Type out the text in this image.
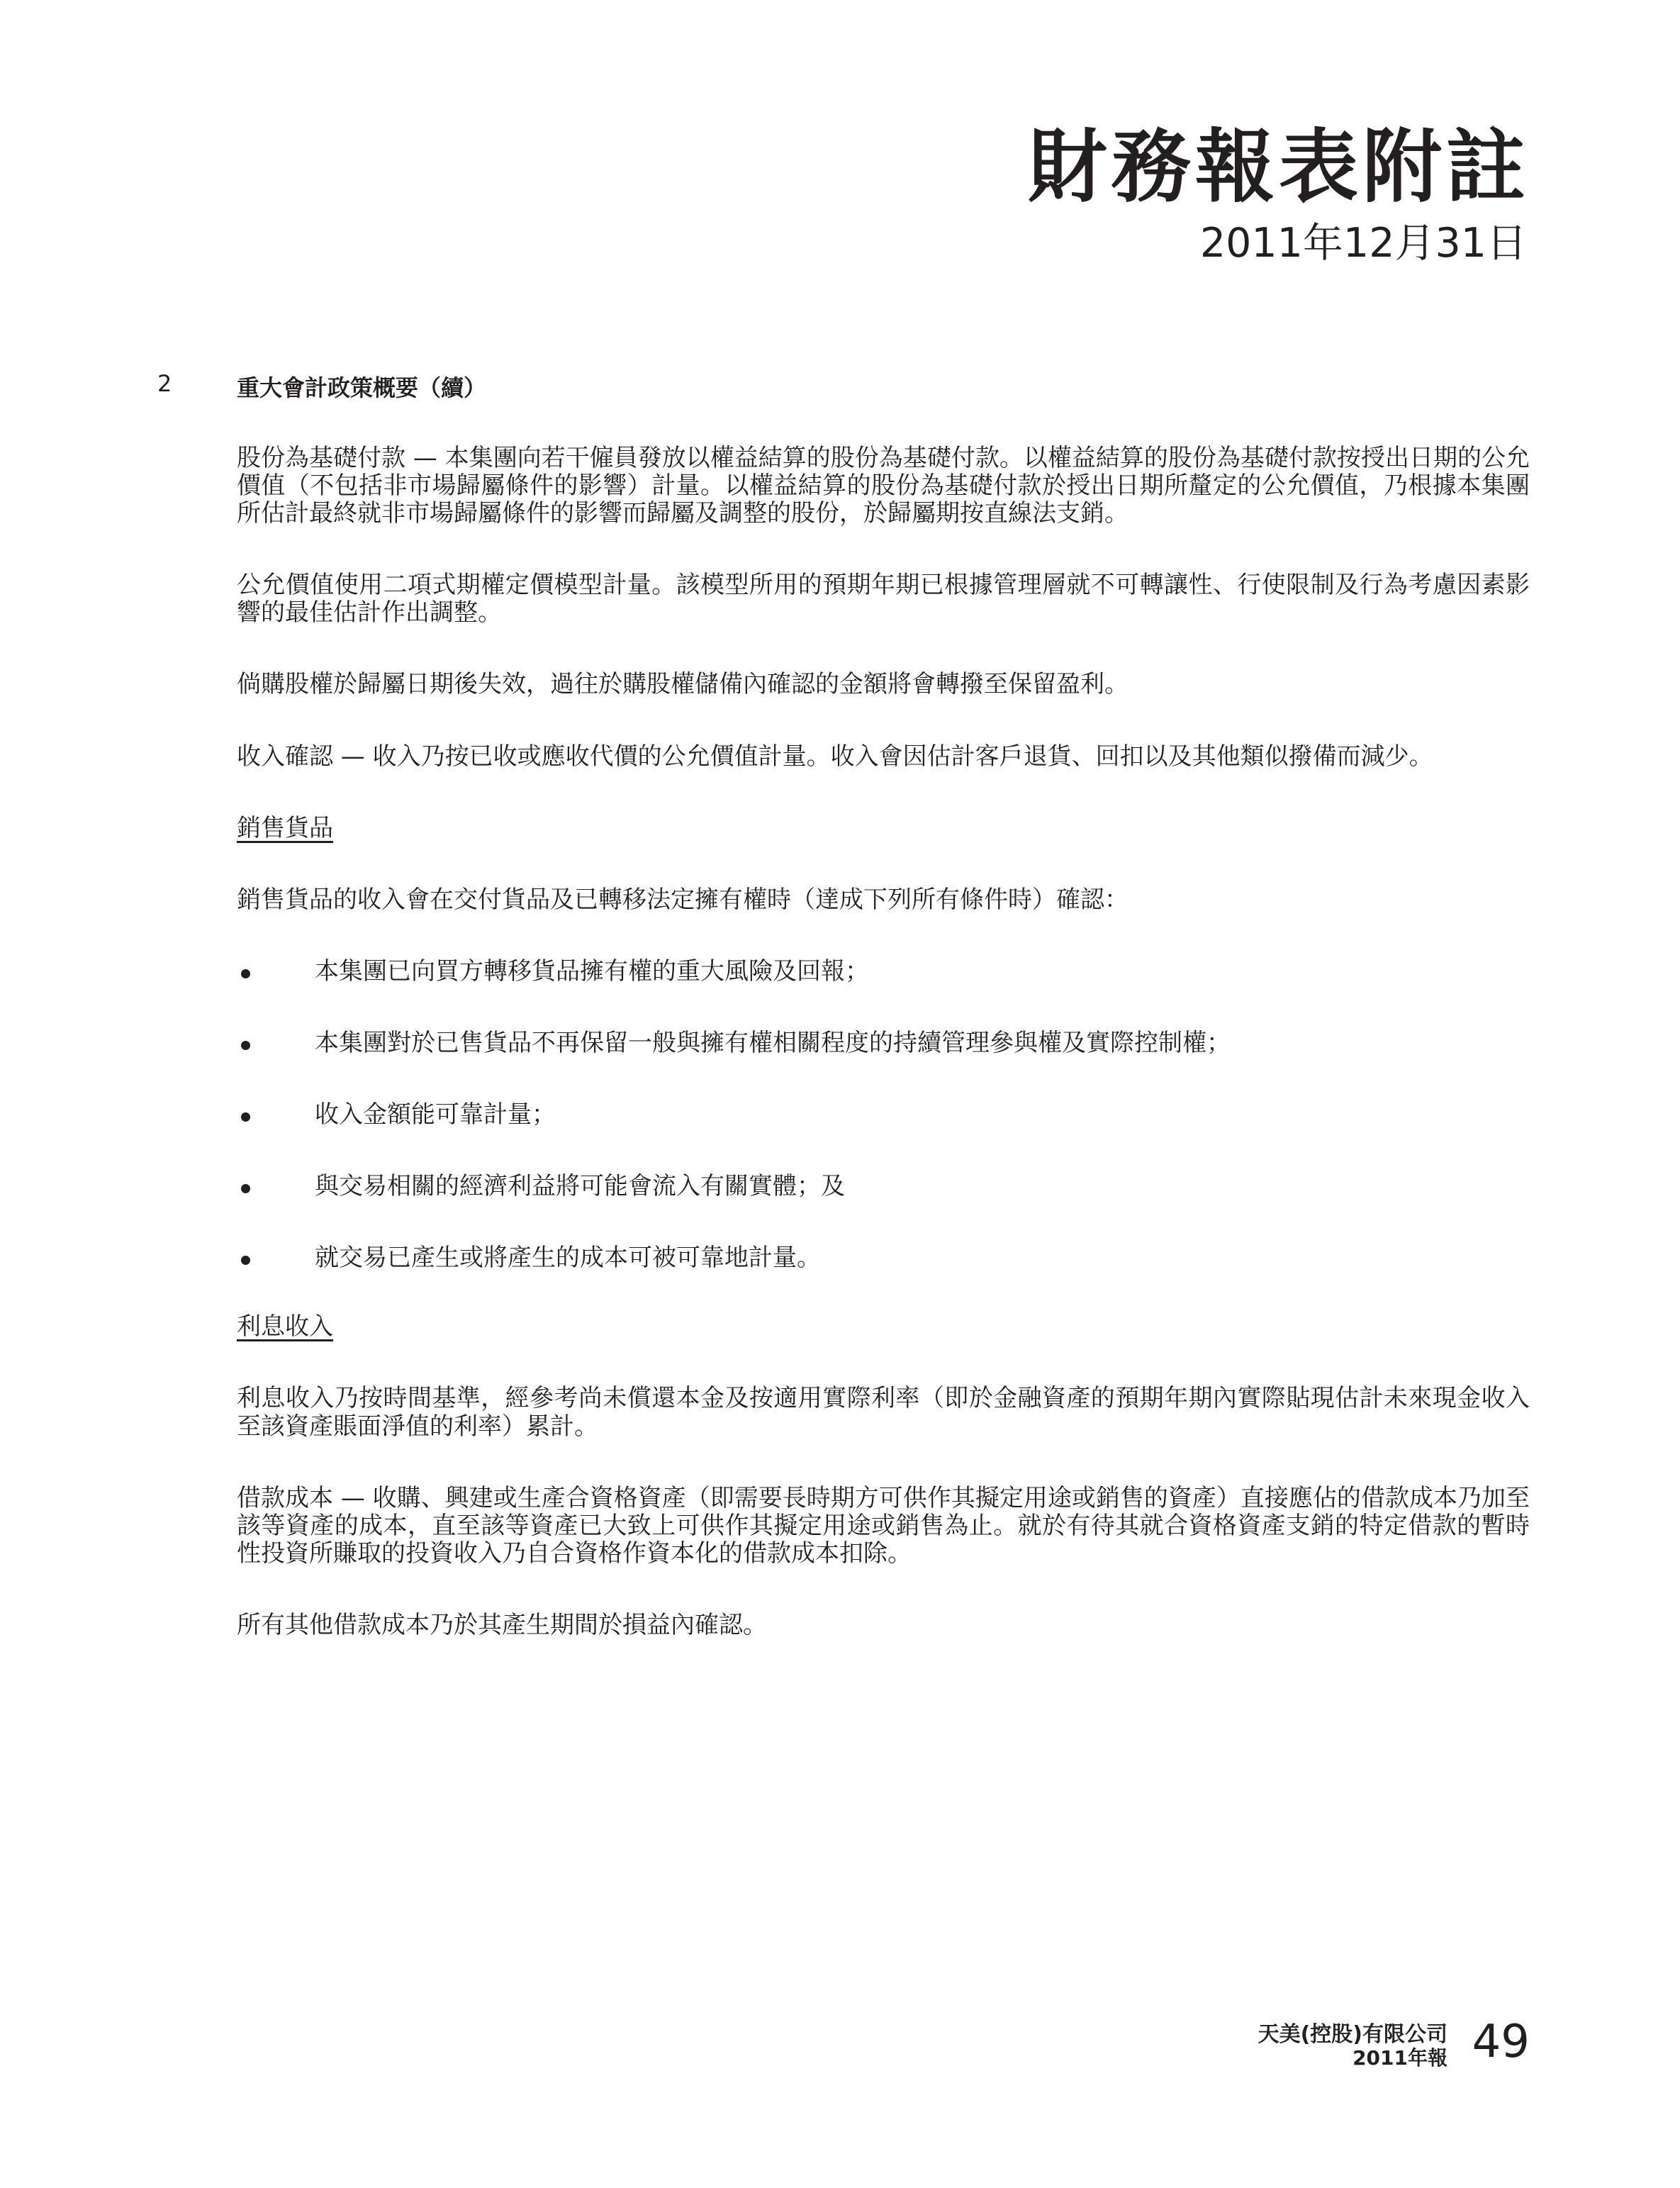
財務報表附註
2011年12月31日
2	重大會計政策概要（續）

股份為基礎付款 — 本集團向若干僱員發放以權益結算的股份為基礎付款。以權益結算的股份為基礎付款按授出日期的公允價值（不包括非市場歸屬條件的影響）計量。以權益結算的股份為基礎付款於授出日期所釐定的公允價值，乃根據本集團所估計最終就非市場歸屬條件的影響而歸屬及調整的股份，於歸屬期按直線法支銷。

公允價值使用二項式期權定價模型計量。該模型所用的預期年期已根據管理層就不可轉讓性、行使限制及行為考慮因素影響的最佳估計作出調整。

倘購股權於歸屬日期後失效，過往於購股權儲備內確認的金額將會轉撥至保留盈利。

收入確認 — 收入乃按已收或應收代價的公允價值計量。收入會因估計客戶退貨、回扣以及其他類似撥備而減少。

銷售貨品

銷售貨品的收入會在交付貨品及已轉移法定擁有權時（達成下列所有條件時）確認：

本集團已向買方轉移貨品擁有權的重大風險及回報；
本集團對於已售貨品不再保留一般與擁有權相關程度的持續管理參與權及實際控制權；
收入金額能可靠計量；
與交易相關的經濟利益將可能會流入有關實體；及
就交易已產生或將產生的成本可被可靠地計量。

利息收入

利息收入乃按時間基準，經參考尚未償還本金及按適用實際利率（即於金融資產的預期年期內實際貼現估計未來現金收入至該資產賬面淨值的利率）累計。

借款成本 — 收購、興建或生產合資格資產（即需要長時期方可供作其擬定用途或銷售的資產）直接應佔的借款成本乃加至該等資產的成本，直至該等資產已大致上可供作其擬定用途或銷售為止。就於有待其就合資格資產支銷的特定借款的暫時性投資所賺取的投資收入乃自合資格作資本化的借款成本扣除。

所有其他借款成本乃於其產生期間於損益內確認。

天美(控股)有限公司
2011年報 49
